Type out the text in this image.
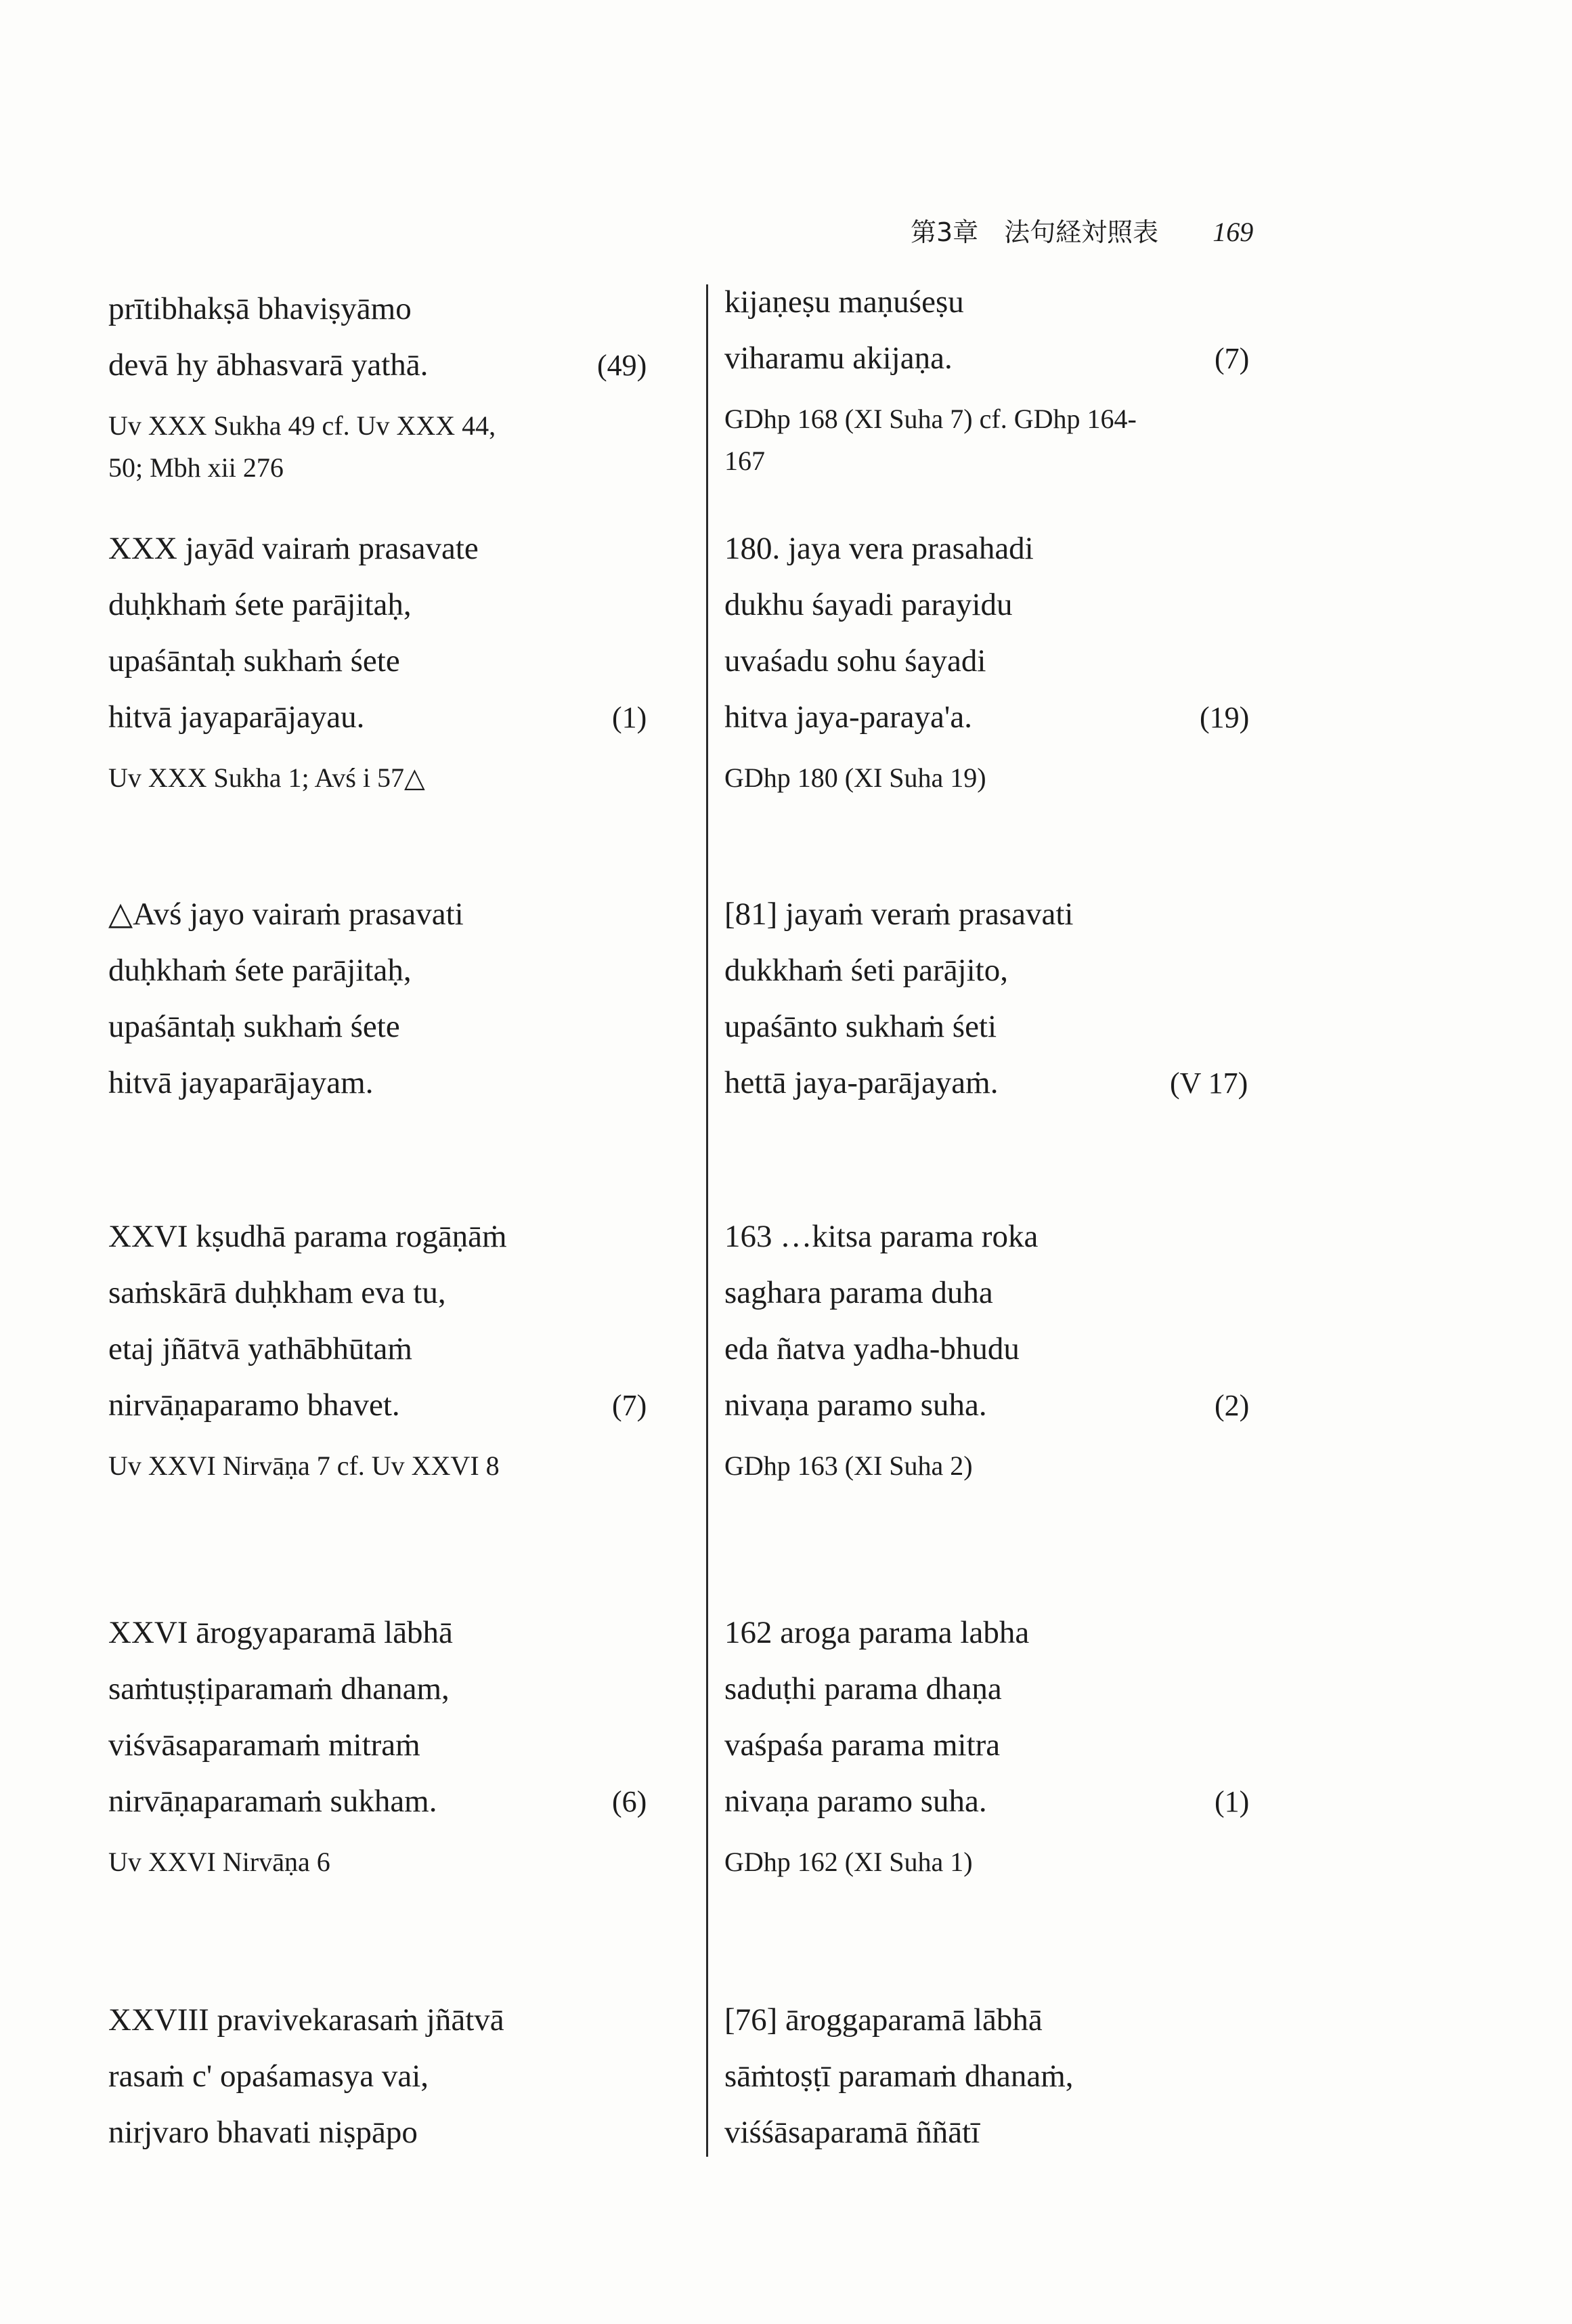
第3章　法句経対照表 169
prītibhakṣā bhaviṣyāmo
devā hy ābhasvarā yathā.	(49)
Uv XXX Sukha 49 cf. Uv XXX 44,
50; Mbh xii 276
XXX jayād vairaṁ prasavate
duḥkhaṁ śete parājitaḥ,
upaśāntaḥ sukhaṁ śete
hitvā jayaparājayau.	(1)
Uv XXX Sukha 1; Avś i 57△
△Avś jayo vairaṁ prasavati
duḥkhaṁ śete parājitaḥ,
upaśāntaḥ sukhaṁ śete
hitvā jayaparājayam.
XXVI kṣudhā parama rogāṇāṁ
saṁskārā duḥkham eva tu,
etaj jñātvā yathābhūtaṁ
nirvāṇaparamo bhavet.	(7)
Uv XXVI Nirvāṇa 7 cf. Uv XXVI 8
XXVI ārogyaparamā lābhā
saṁtuṣṭiparamaṁ dhanam,
viśvāsaparamaṁ mitraṁ
nirvāṇaparamaṁ sukham.	(6)
Uv XXVI Nirvāṇa 6
XXVIII pravivekarasaṁ jñātvā
rasaṁ c' opaśamasya vai,
nirjvaro bhavati niṣpāpo
kijaṇeṣu maṇuśeṣu
viharamu akijaṇa.	(7)
GDhp 168 (XI Suha 7) cf. GDhp 164-
167
180. jaya vera prasahadi
dukhu śayadi parayidu
uvaśadu sohu śayadi
hitva jaya-paraya'a.	(19)
GDhp 180 (XI Suha 19)
[81] jayaṁ veraṁ prasavati
dukkhaṁ śeti parājito,
upaśānto sukhaṁ śeti
hettā jaya-parājayaṁ.	(V 17)
163 …kitsa parama roka
saghara parama duha
eda ñatva yadha-bhudu
nivaṇa paramo suha.	(2)
GDhp 163 (XI Suha 2)
162 aroga parama labha
saduṭhi parama dhaṇa
vaśpaśa parama mitra
nivaṇa paramo suha.	(1)
GDhp 162 (XI Suha 1)
[76] āroggaparamā lābhā
sāṁtoṣṭī paramaṁ dhanaṁ,
viśśāsaparamā ññātī
